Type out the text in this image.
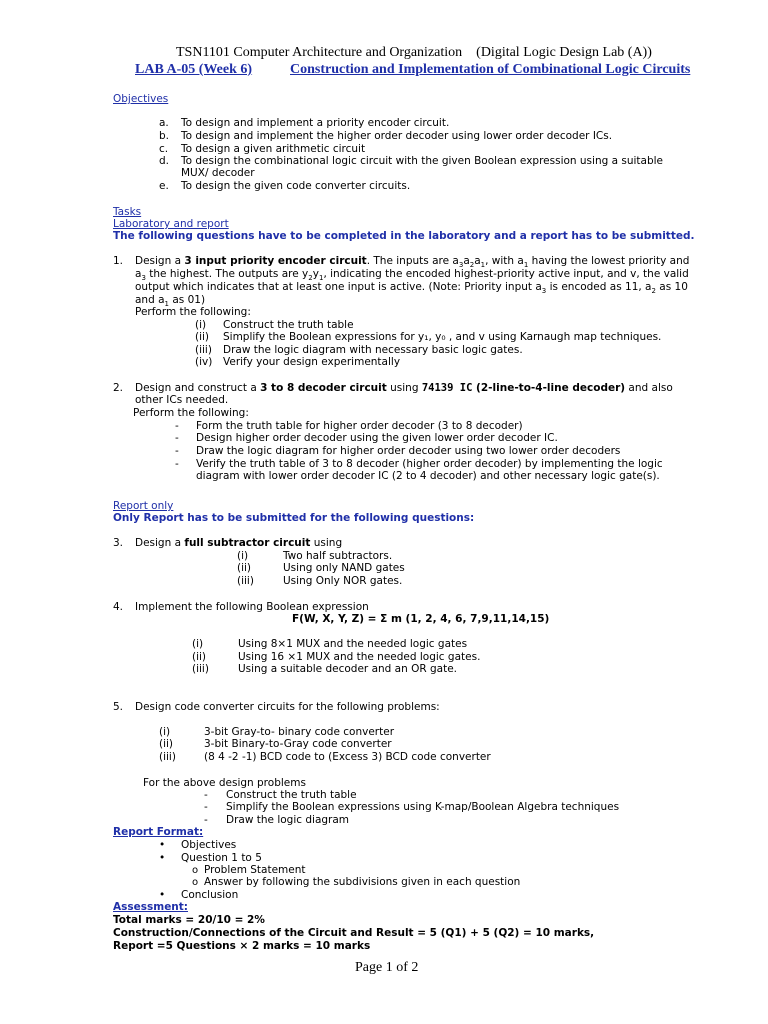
TSN1101 Computer Architecture and Organization (Digital Logic Design Lab (A))
LAB A-05 (Week 6)	Construction and Implementation of Combinational Logic Circuits
Objectives
a. To design and implement a priority encoder circuit.
b. To design and implement the higher order decoder using lower order decoder ICs.
c. To design a given arithmetic circuit
d. To design the combinational logic circuit with the given Boolean expression using a suitable
MUX/ decoder
e. To design the given code converter circuits.
Tasks
Laboratory and report
The following questions have to be completed in the laboratory and a report has to be submitted.
1. Design a 3 input priority encoder circuit. The inputs are $a_3a_2a_1$, with $a_1$ having the lowest priority and
$a_3$ the highest. The outputs are $y_2y_1$, indicating the encoded highest-priority active input, and v, the valid
output which indicates that at least one input is active. (Note: Priority input $a_3$ is encoded as 11, $a_2$ as 10
and $a_1$ as 01)
Perform the following:
(i) Construct the truth table
(ii) Simplify the Boolean expressions for y₁, y₀ , and v using Karnaugh map techniques.
(iii) Draw the logic diagram with necessary basic logic gates.
(iv) Verify your design experimentally
2. Design and construct a 3 to 8 decoder circuit using 74139 IC (2-line-to-4-line decoder) and also
other ICs needed.
Perform the following:
- Form the truth table for higher order decoder (3 to 8 decoder)
- Design higher order decoder using the given lower order decoder IC.
- Draw the logic diagram for higher order decoder using two lower order decoders
- Verify the truth table of 3 to 8 decoder (higher order decoder) by implementing the logic
diagram with lower order decoder IC (2 to 4 decoder) and other necessary logic gate(s).
Report only
Only Report has to be submitted for the following questions:
3. Design a full subtractor circuit using
(i)	Two half subtractors.
(ii)	Using only NAND gates
(iii)	Using Only NOR gates.
4. Implement the following Boolean expression
F(W, X, Y, Z) = Σ m (1, 2, 4, 6, 7,9,11,14,15)
(i)	Using 8×1 MUX and the needed logic gates
(ii)	Using 16 ×1 MUX and the needed logic gates.
(iii)	Using a suitable decoder and an OR gate.
5. Design code converter circuits for the following problems:
(i)	3-bit Gray-to- binary code converter
(ii)	3-bit Binary-to-Gray code converter
(iii)	(8 4 -2 -1) BCD code to (Excess 3) BCD code converter
For the above design problems
- Construct the truth table
- Simplify the Boolean expressions using K-map/Boolean Algebra techniques
- Draw the logic diagram
Report Format:
• Objectives
• Question 1 to 5
o Problem Statement
o Answer by following the subdivisions given in each question
• Conclusion
Assessment:
Total marks = 20/10 = 2%
Construction/Connections of the Circuit and Result = 5 (Q1) + 5 (Q2) = 10 marks,
Report =5 Questions × 2 marks = 10 marks
Page 1 of 2
